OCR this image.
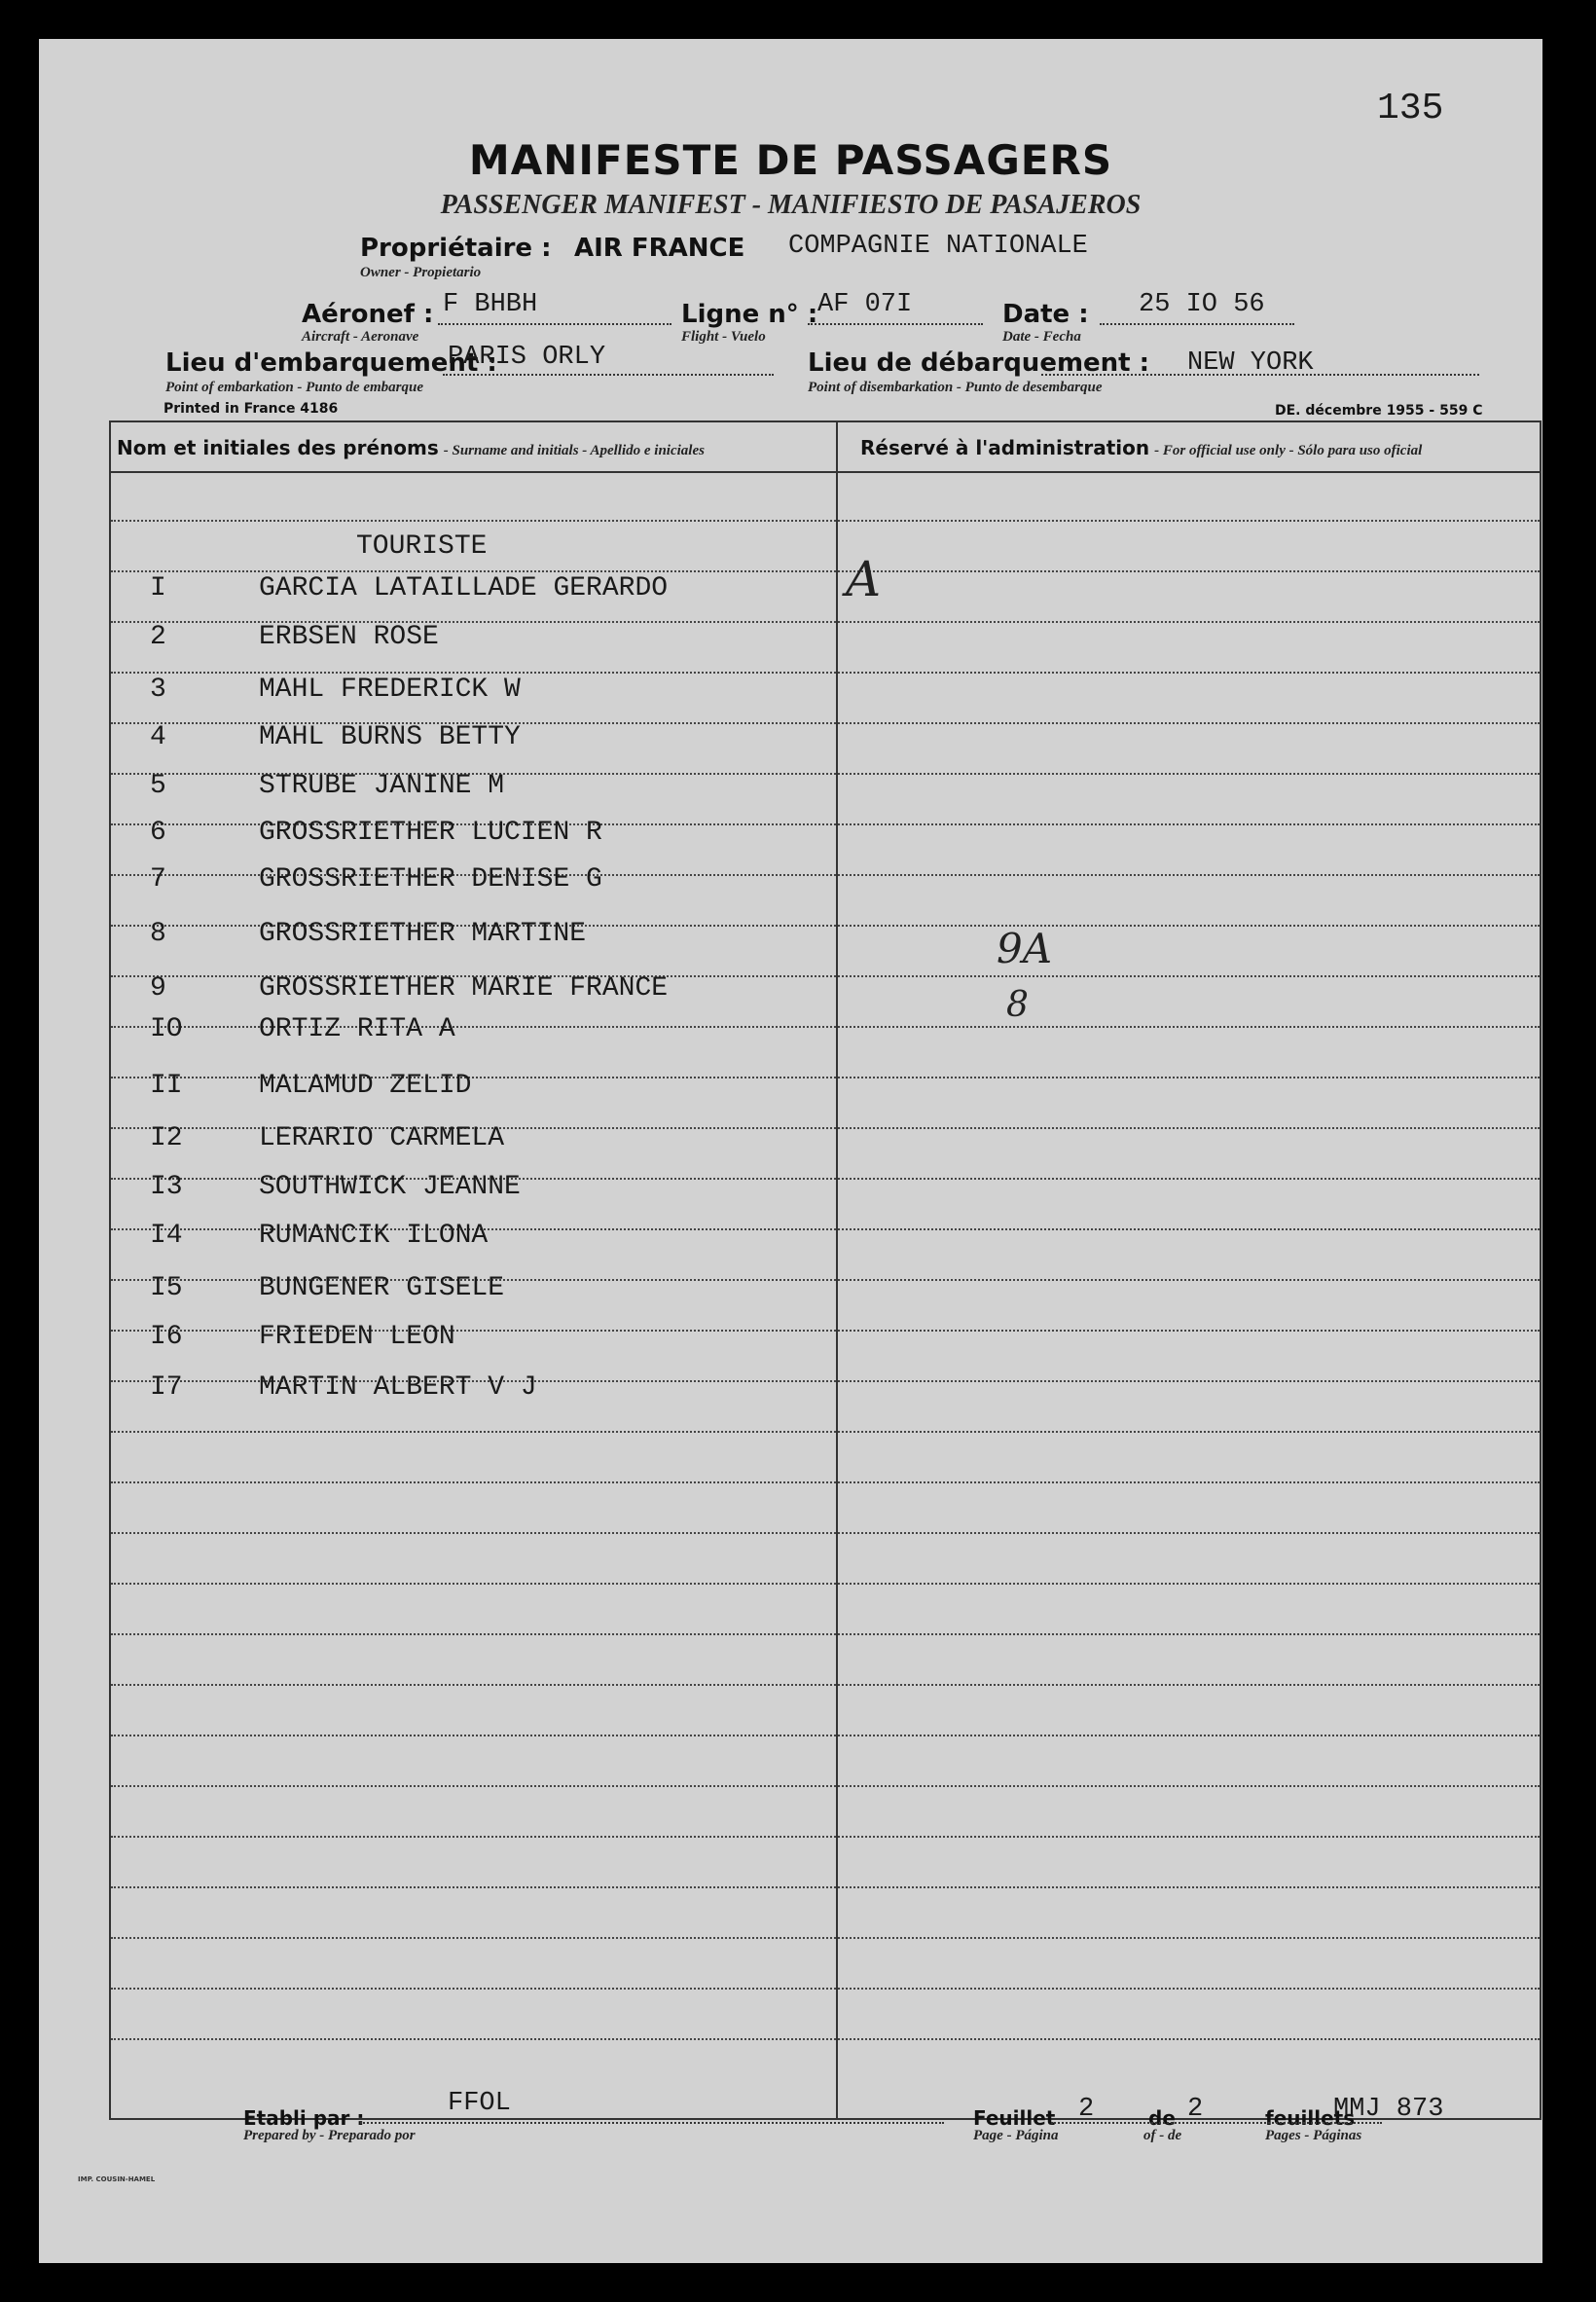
135
MANIFESTE DE PASSAGERS
PASSENGER MANIFEST - MANIFIESTO DE PASAJEROS
Propriétaire : AIR FRANCE COMPAGNIE NATIONALE
Owner - Propietario
Aéronef : F BHBH
Aircraft - Aeronave
Ligne n° : AF 07I
Flight - Vuelo
Date : 25 IO 56
Date - Fecha
Lieu d'embarquement :
PARIS ORLY
Point of embarkation - Punto de embarque
Lieu de débarquement : NEW YORK
Point of disembarkation - Punto de desembarque
Printed in France 4186	DE. décembre 1955 - 559 C
Nom et initiales des prénoms - Surname and initials - Apellido e iniciales	Réservé à l'administration - For official use only - Sólo para uso oficial
TOURISTE
I	GARCIA LATAILLADE GERARDO
2	ERBSEN ROSE
3	MAHL FREDERICK W
4	MAHL BURNS BETTY
5	STRUBE JANINE M
6	GROSSRIETHER LUCIEN R
7	GROSSRIETHER DENISE G
8	GROSSRIETHER MARTINE
9	GROSSRIETHER MARIE FRANCE
IO	ORTIZ RITA A
II	MALAMUD ZELID
I2	LERARIO CARMELA
I3	SOUTHWICK JEANNE
I4	RUMANCIK ILONA
I5	BUNGENER GISELE
I6	FRIEDEN LEON
I7	MARTIN ALBERT V J
A
9A
8
Etabli par :	FFOL
Prepared by - Preparado por
Feuillet 2	de 2	feuillets
MMJ 873
Page - Página	of - de	Pages - Páginas
IMP. COUSIN-HAMEL
